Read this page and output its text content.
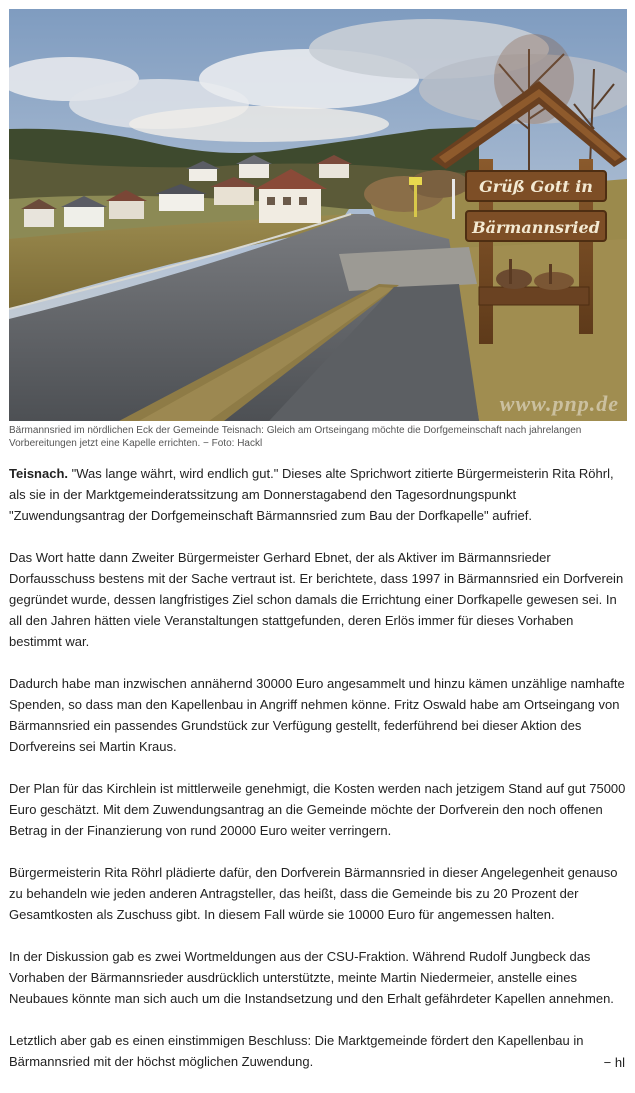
Grüß Gott in
Bärmannsried
www.pnp.de
Bärmannsried im nördlichen Eck der Gemeinde Teisnach: Gleich am Ortseingang möchte die Dorfgemeinschaft nach jahrelangen Vorbereitungen jetzt eine Kapelle errichten. − Foto: Hackl

Teisnach. "Was lange währt, wird endlich gut." Dieses alte Sprichwort zitierte Bürgermeisterin Rita Röhrl, als sie in der Marktgemeinderatssitzung am Donnerstagabend den Tagesordnungspunkt "Zuwendungsantrag der Dorfgemeinschaft Bärmannsried zum Bau der Dorfkapelle" aufrief.

Das Wort hatte dann Zweiter Bürgermeister Gerhard Ebnet, der als Aktiver im Bärmannsrieder Dorfausschuss bestens mit der Sache vertraut ist. Er berichtete, dass 1997 in Bärmannsried ein Dorfverein gegründet wurde, dessen langfristiges Ziel schon damals die Errichtung einer Dorfkapelle gewesen sei. In all den Jahren hätten viele Veranstaltungen stattgefunden, deren Erlös immer für dieses Vorhaben bestimmt war.

Dadurch habe man inzwischen annähernd 30000 Euro angesammelt und hinzu kämen unzählige namhafte Spenden, so dass man den Kapellenbau in Angriff nehmen könne. Fritz Oswald habe am Ortseingang von Bärmannsried ein passendes Grundstück zur Verfügung gestellt, federführend bei dieser Aktion des Dorfvereins sei Martin Kraus.

Der Plan für das Kirchlein ist mittlerweile genehmigt, die Kosten werden nach jetzigem Stand auf gut 75000 Euro geschätzt. Mit dem Zuwendungsantrag an die Gemeinde möchte der Dorfverein den noch offenen Betrag in der Finanzierung von rund 20000 Euro weiter verringern.

Bürgermeisterin Rita Röhrl plädierte dafür, den Dorfverein Bärmannsried in dieser Angelegenheit genauso zu behandeln wie jeden anderen Antragsteller, das heißt, dass die Gemeinde bis zu 20 Prozent der Gesamtkosten als Zuschuss gibt. In diesem Fall würde sie 10000 Euro für angemessen halten.

In der Diskussion gab es zwei Wortmeldungen aus der CSU-Fraktion. Während Rudolf Jungbeck das Vorhaben der Bärmannsrieder ausdrücklich unterstützte, meinte Martin Niedermeier, anstelle eines Neubaues könnte man sich auch um die Instandsetzung und den Erhalt gefährdeter Kapellen annehmen.

Letztlich aber gab es einen einstimmigen Beschluss: Die Marktgemeinde fördert den Kapellenbau in Bärmannsried mit der höchst möglichen Zuwendung.	− hl
